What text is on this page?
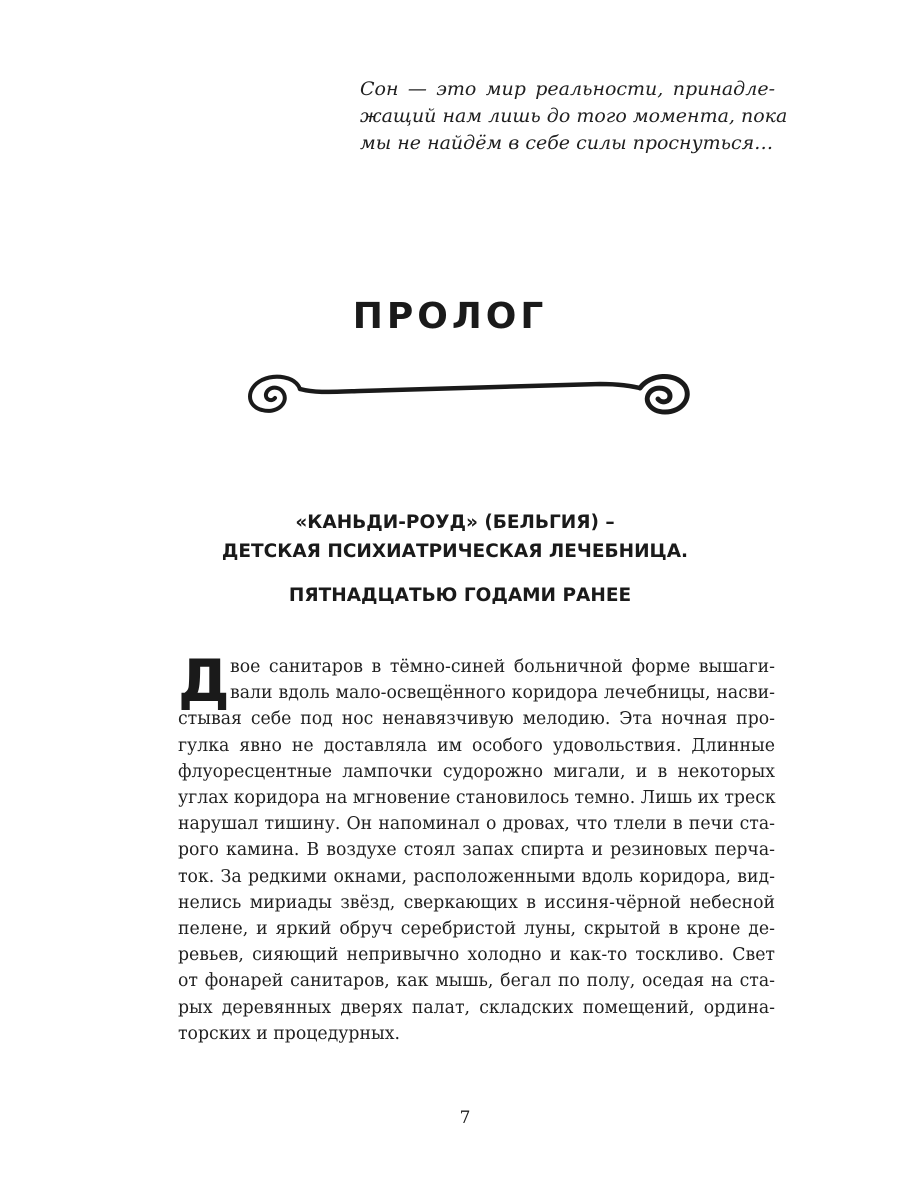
Сон — это мир реальности, принадле-
жащий нам лишь до того момента, пока
мы не найдём в себе силы проснуться…
ПРОЛОГ
«КАНЬДИ-РОУД» (БЕЛЬГИЯ) –
ДЕТСКАЯ ПСИХИАТРИЧЕСКАЯ ЛЕЧЕБНИЦА.
ПЯТНАДЦАТЬЮ ГОДАМИ РАНЕЕ
Д вое санитаров в тёмно-синей больничной форме вышаги-
вали вдоль мало-освещённого коридора лечебницы, насви-
стывая себе под нос ненавязчивую мелодию. Эта ночная про-
гулка явно не доставляла им особого удовольствия. Длинные
флуоресцентные лампочки судорожно мигали, и в некоторых
углах коридора на мгновение становилось темно. Лишь их треск
нарушал тишину. Он напоминал о дровах, что тлели в печи ста-
рого камина. В воздухе стоял запах спирта и резиновых перча-
ток. За редкими окнами, расположенными вдоль коридора, вид-
нелись мириады звёзд, сверкающих в иссиня-чёрной небесной
пелене, и яркий обруч серебристой луны, скрытой в кроне де-
ревьев, сияющий непривычно холодно и как-то тоскливо. Свет
от фонарей санитаров, как мышь, бегал по полу, оседая на ста-
рых деревянных дверях палат, складских помещений, ордина-
торских и процедурных.
7
